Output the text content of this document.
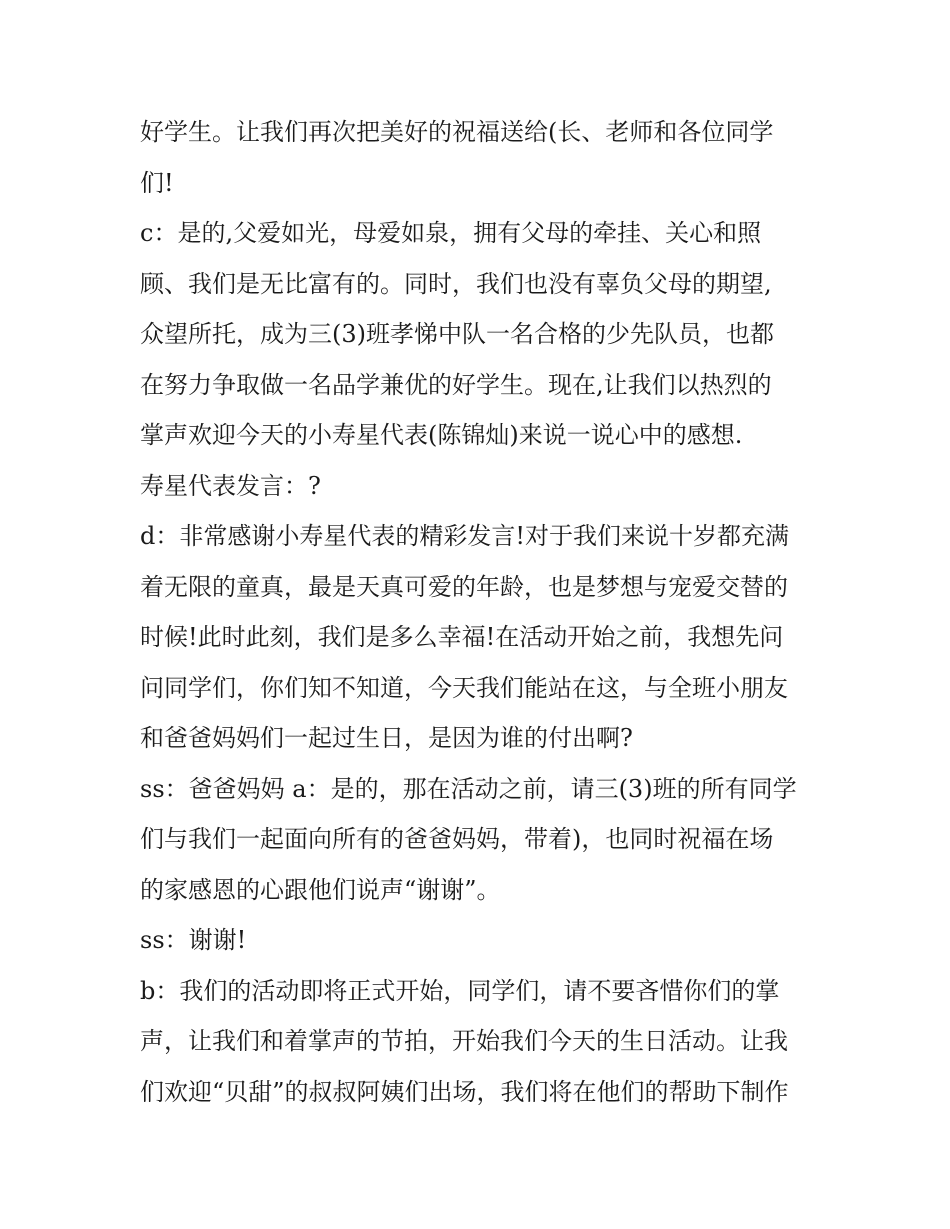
好学生。让我们再次把美好的祝福送给(长、老师和各位同学
们!
c：是的,父爱如光，母爱如泉，拥有父母的牵挂、关心和照
顾、我们是无比富有的。同时，我们也没有辜负父母的期望,
众望所托，成为三(3)班孝悌中队一名合格的少先队员，也都
在努力争取做一名品学兼优的好学生。现在,让我们以热烈的
掌声欢迎今天的小寿星代表(陈锦灿)来说一说心中的感想.
寿星代表发言：?
d：非常感谢小寿星代表的精彩发言!对于我们来说十岁都充满
着无限的童真，最是天真可爱的年龄，也是梦想与宠爱交替的
时候!此时此刻，我们是多么幸福!在活动开始之前，我想先问
问同学们，你们知不知道，今天我们能站在这，与全班小朋友
和爸爸妈妈们一起过生日，是因为谁的付出啊?
ss：爸爸妈妈 a：是的，那在活动之前，请三(3)班的所有同学
们与我们一起面向所有的爸爸妈妈，带着)，也同时祝福在场
的家感恩的心跟他们说声“谢谢”。
ss：谢谢!
b：我们的活动即将正式开始，同学们，请不要吝惜你们的掌
声，让我们和着掌声的节拍，开始我们今天的生日活动。让我
们欢迎“贝甜”的叔叔阿姨们出场，我们将在他们的帮助下制作
